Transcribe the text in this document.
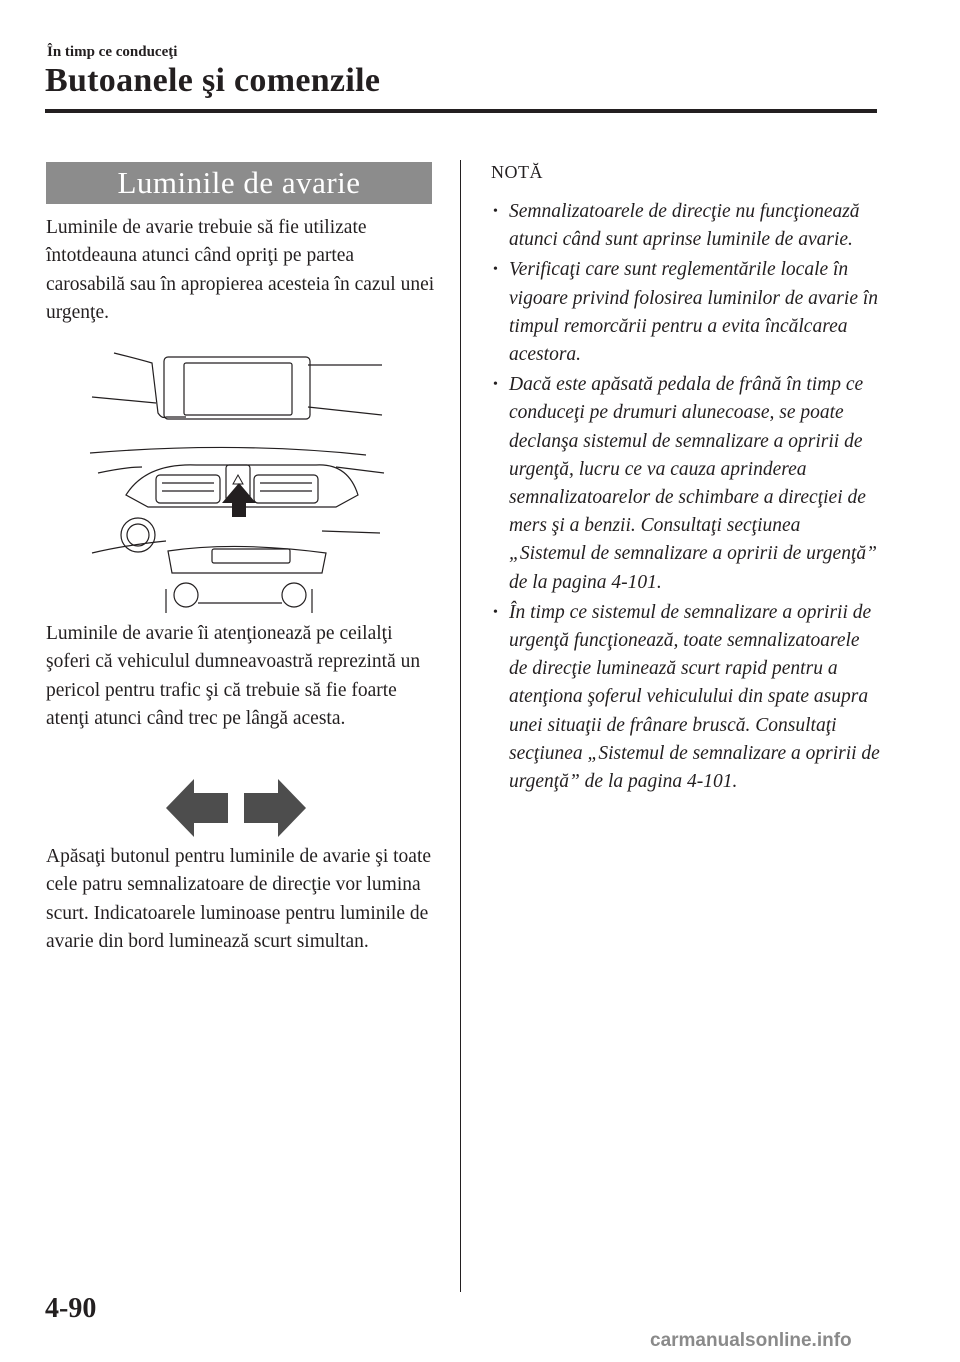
În timp ce conduceţi
Butoanele şi comenzile
Luminile de avarie

Luminile de avarie trebuie să fie utilizate întotdeauna atunci când opriţi pe partea carosabilă sau în apropierea acesteia în cazul unei urgenţe.

Luminile de avarie îi atenţionează pe ceilalţi şoferi că vehiculul dumneavoastră reprezintă un pericol pentru trafic şi că trebuie să fie foarte atenţi atunci când trec pe lângă acesta.

Apăsaţi butonul pentru luminile de avarie şi toate cele patru semnalizatoare de direcţie vor lumina scurt. Indicatoarele luminoase pentru luminile de avarie din bord luminează scurt simultan.

NOTĂ
• Semnalizatoarele de direcţie nu funcţionează atunci când sunt aprinse luminile de avarie.
• Verificaţi care sunt reglementările locale în vigoare privind folosirea luminilor de avarie în timpul remorcării pentru a evita încălcarea acestora.
• Dacă este apăsată pedala de frână în timp ce conduceţi pe drumuri alunecoase, se poate declanşa sistemul de semnalizare a opririi de urgenţă, lucru ce va cauza aprinderea semnalizatoarelor de schimbare a direcţiei de mers şi a benzii. Consultaţi secţiunea „Sistemul de semnalizare a opririi de urgenţă” de la pagina 4-101.
• În timp ce sistemul de semnalizare a opririi de urgenţă funcţionează, toate semnalizatoarele de direcţie luminează scurt rapid pentru a atenţiona şoferul vehiculului din spate asupra unei situaţii de frânare bruscă. Consultaţi secţiunea „Sistemul de semnalizare a opririi de urgenţă” de la pagina 4-101.
4-90
carmanualsonline.info
